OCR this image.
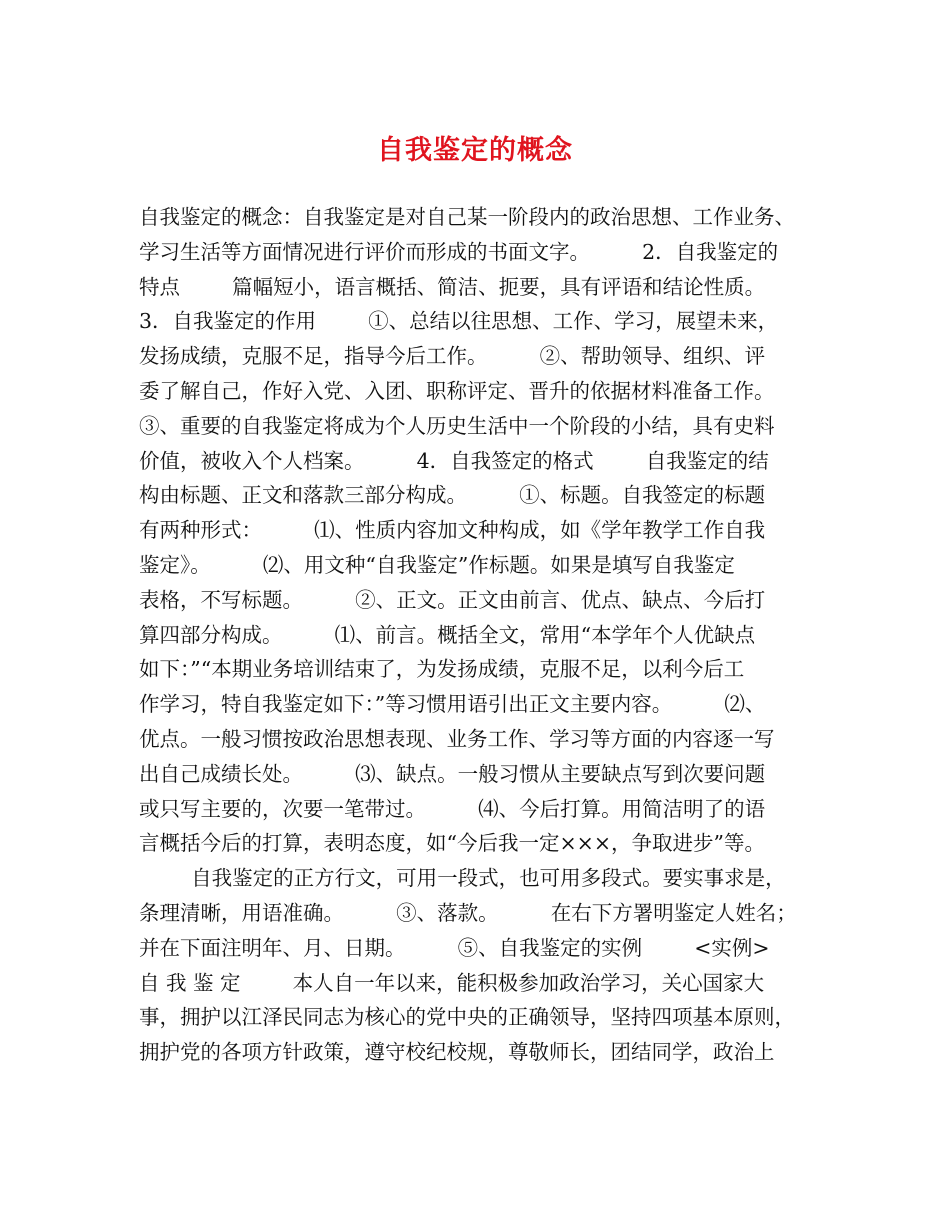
自我鉴定的概念
自我鉴定的概念：自我鉴定是对自己某一阶段内的政治思想、工作业务、
学习生活等方面情况进行评价而形成的书面文字。        2．自我鉴定的
特点        篇幅短小，语言概括、简洁、扼要，具有评语和结论性质。
3．自我鉴定的作用        ①、总结以往思想、工作、学习，展望未来，
发扬成绩，克服不足，指导今后工作。        ②、帮助领导、组织、评
委了解自己，作好入党、入团、职称评定、晋升的依据材料准备工作。
③、重要的自我鉴定将成为个人历史生活中一个阶段的小结，具有史料
价值，被收入个人档案。        4．自我签定的格式        自我鉴定的结
构由标题、正文和落款三部分构成。        ①、标题。自我签定的标题
有两种形式：        ⑴、性质内容加文种构成，如《学年教学工作自我
鉴定》。        ⑵、用文种“自我鉴定”作标题。如果是填写自我鉴定
表格，不写标题。        ②、正文。正文由前言、优点、缺点、今后打
算四部分构成。        ⑴、前言。概括全文，常用“本学年个人优缺点
如下：”“本期业务培训结束了，为发扬成绩，克服不足，以利今后工
作学习，特自我鉴定如下：”等习惯用语引出正文主要内容。        ⑵、
优点。一般习惯按政治思想表现、业务工作、学习等方面的内容逐一写
出自己成绩长处。        ⑶、缺点。一般习惯从主要缺点写到次要问题
或只写主要的，次要一笔带过。        ⑷、今后打算。用简洁明了的语
言概括今后的打算，表明态度，如“今后我一定×××，争取进步”等。
自我鉴定的正方行文，可用一段式，也可用多段式。要实事求是，
条理清晰，用语准确。        ③、落款。        在右下方署明鉴定人姓名；
并在下面注明年、月、日期。        ⑤、自我鉴定的实例        <实例>
自 我 鉴 定        本人自一年以来，能积极参加政治学习，关心国家大
事，拥护以江泽民同志为核心的党中央的正确领导，坚持四项基本原则，
拥护党的各项方针政策，遵守校纪校规，尊敬师长，团结同学，政治上
